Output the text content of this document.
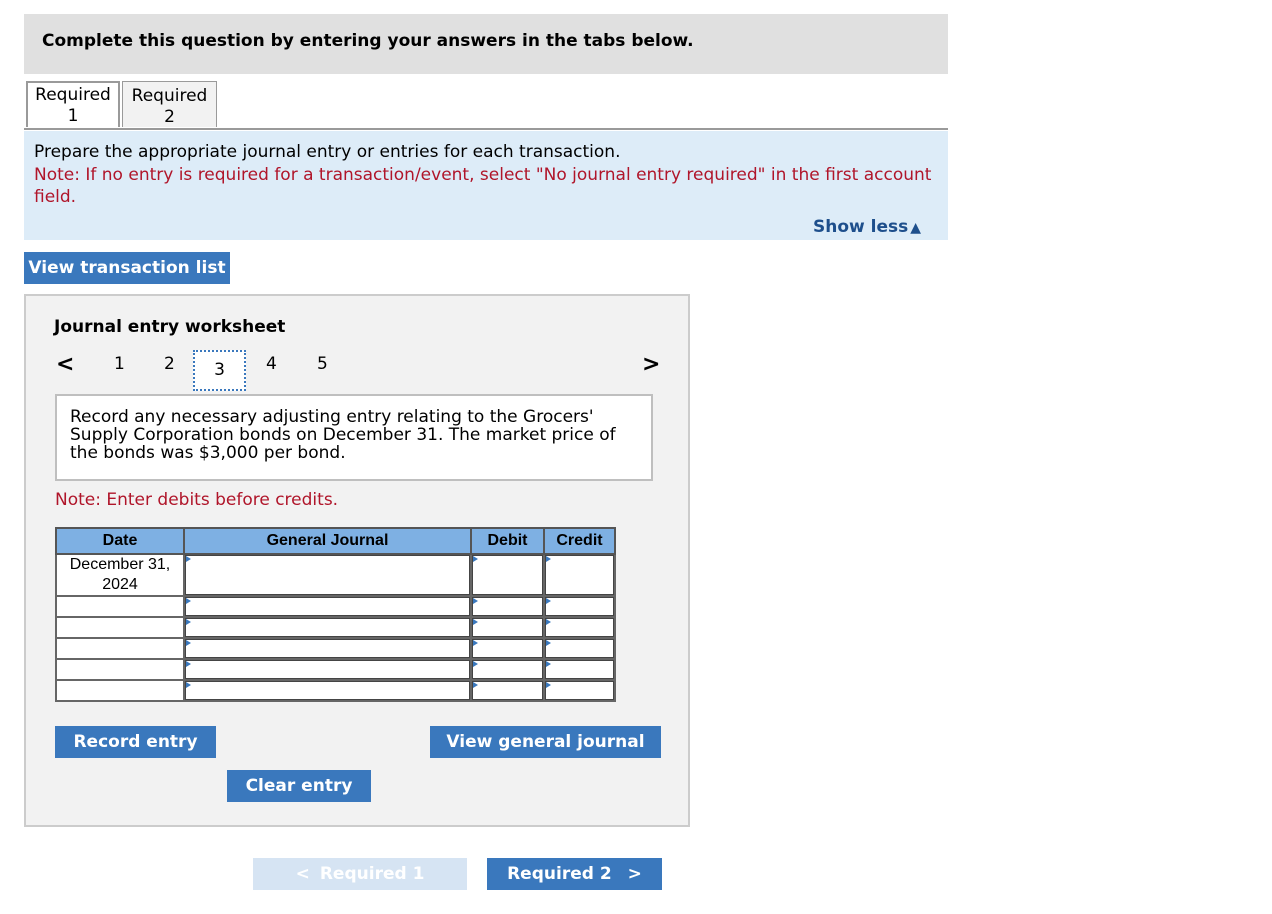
Complete this question by entering your answers in the tabs below.
Required
1
Required
2
Prepare the appropriate journal entry or entries for each transaction.
Note: If no entry is required for a transaction/event, select "No journal entry required" in the first account field.
Show less ▲
View transaction list
Journal entry worksheet
< 1 2	3	4 5	>
Record any necessary adjusting entry relating to the Grocers' Supply Corporation bonds on December 31. The market price of the bonds was $3,000 per bond.
Note: Enter debits before credits.
Date	General Journal	Debit	Credit
December 31, 2024	

Record entry	View general journal
Clear entry
< Required 1	Required 2 >
